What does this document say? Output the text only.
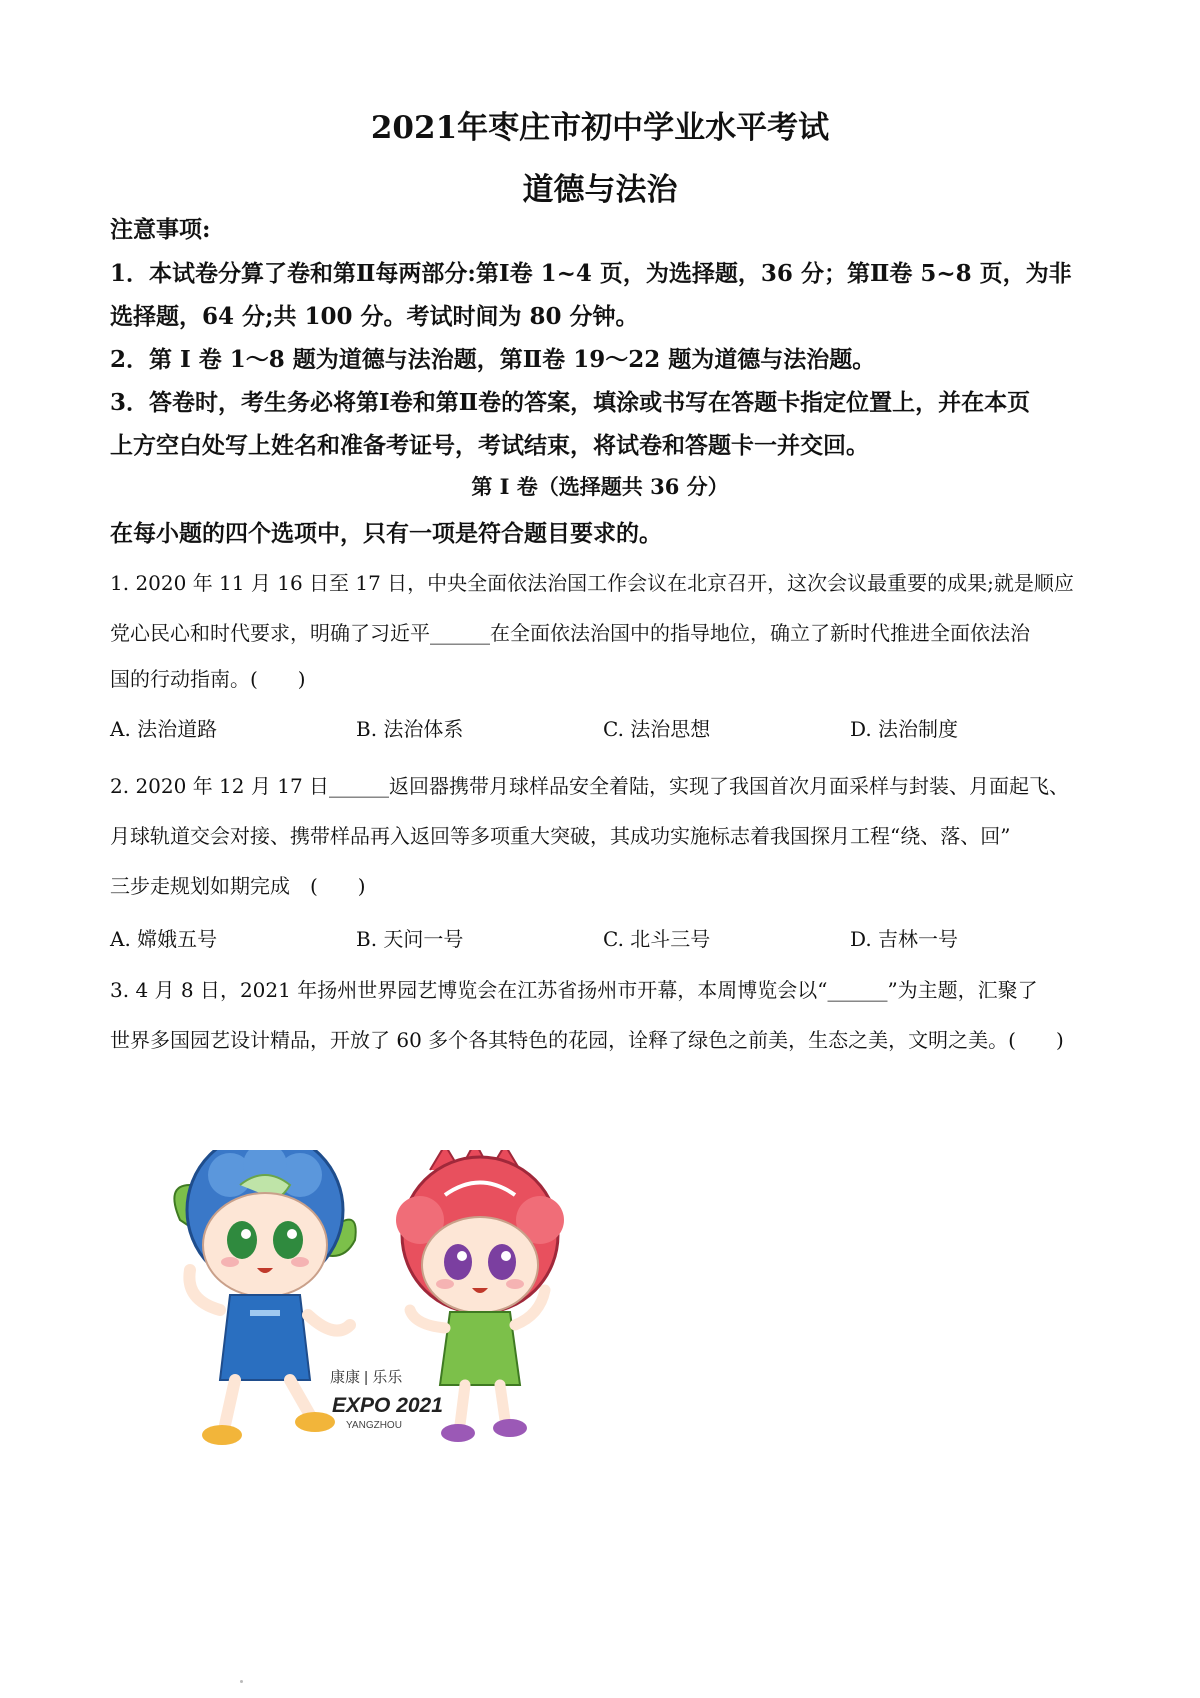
2021年枣庄市初中学业水平考试
道德与法治
注意事项:
1．本试卷分算了卷和第Ⅱ每两部分:第Ⅰ卷 1~4 页，为选择题，36 分；第Ⅱ卷 5~8 页，为非
选择题，64 分;共 100 分。考试时间为 80 分钟。
2．第 I 卷 1～8 题为道德与法治题，第Ⅱ卷 19～22 题为道德与法治题。
3．答卷时，考生务必将第Ⅰ卷和第Ⅱ卷的答案，填涂或书写在答题卡指定位置上，并在本页
上方空白处写上姓名和准备考证号，考试结束，将试卷和答题卡一并交回。
第 I 卷（选择题共 36 分）
在每小题的四个选项中，只有一项是符合题目要求的。
1. 2020 年 11 月 16 日至 17 日，中央全面依法治国工作会议在北京召开，这次会议最重要的成果;就是顺应
党心民心和时代要求，明确了习近平______在全面依法治国中的指导地位，确立了新时代推进全面依法治
国的行动指南。(　　)
A. 法治道路	B. 法治体系	C. 法治思想	D. 法治制度
2. 2020 年 12 月 17 日______返回器携带月球样品安全着陆，实现了我国首次月面采样与封装、月面起飞、
月球轨道交会对接、携带样品再入返回等多项重大突破，其成功实施标志着我国探月工程“绕、落、回”
三步走规划如期完成　(　　)
A. 嫦娥五号	B. 天问一号	C. 北斗三号	D. 吉林一号
3. 4 月 8 日，2021 年扬州世界园艺博览会在江苏省扬州市开幕，本周博览会以“______”为主题，汇聚了
世界多国园艺设计精品，开放了 60 多个各其特色的花园，诠释了绿色之前美，生态之美，文明之美。(　　)
康康 | 乐乐
EXPO 2021
YANGZHOU
